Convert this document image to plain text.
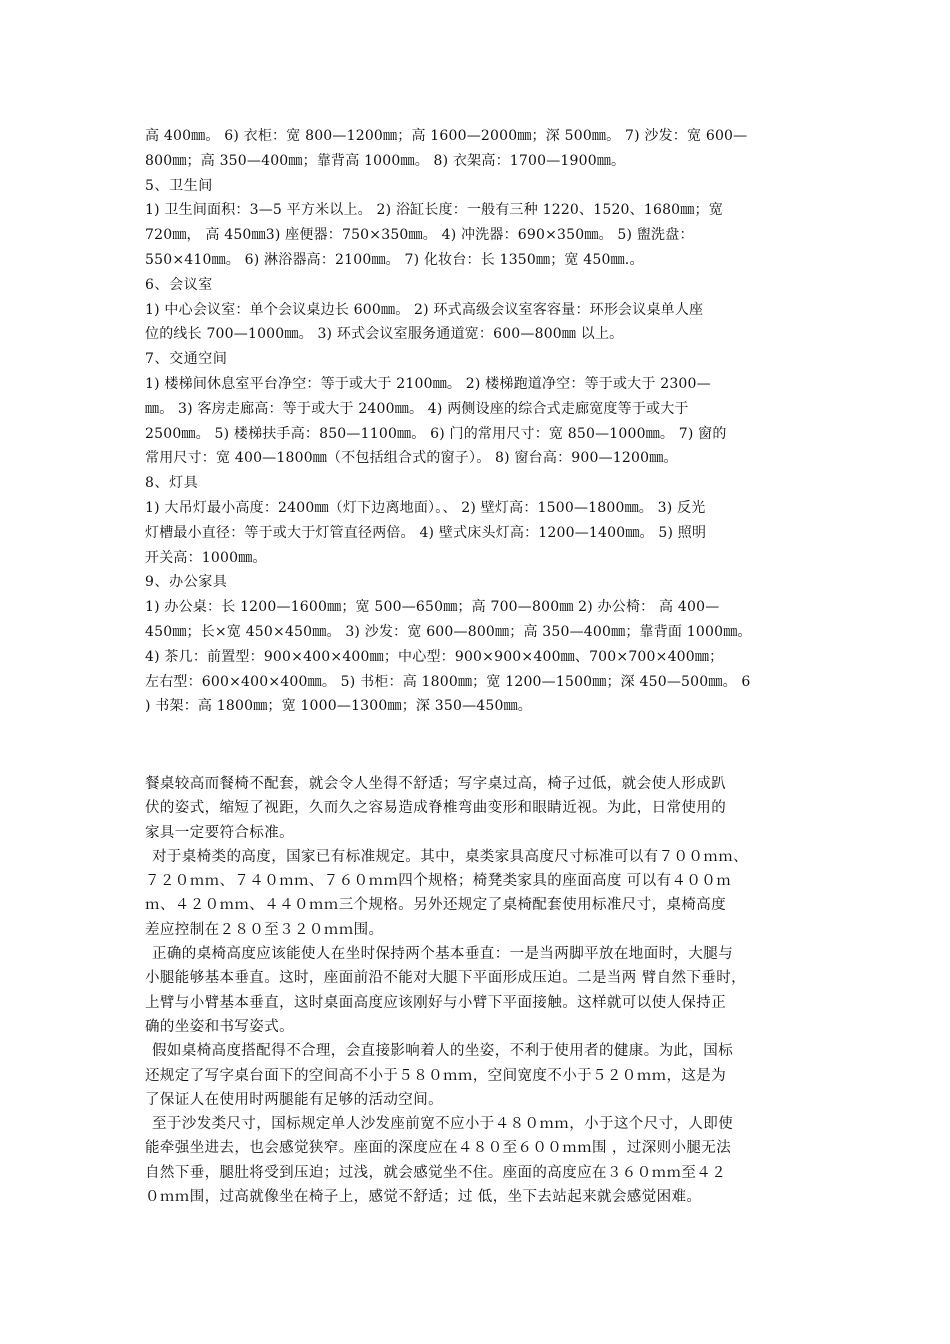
高 400㎜。 6) 衣柜：宽 800—1200㎜；高 1600—2000㎜；深 500㎜。 7) 沙发：宽 600—
800㎜；高 350—400㎜；靠背高 1000㎜。 8) 衣架高：1700—1900㎜。
5、卫生间
1) 卫生间面积：3—5 平方米以上。 2) 浴缸长度：一般有三种 1220、1520、1680㎜；宽
720㎜， 高 450㎜3) 座便器：750×350㎜。 4) 冲洗器：690×350㎜。 5) 盥洗盘：
550×410㎜。 6) 淋浴器高：2100㎜。 7) 化妆台：长 1350㎜；宽 450㎜.。
6、会议室
1) 中心会议室：单个会议桌边长 600㎜。 2) 环式高级会议室客容量：环形会议桌单人座
位的线长 700—1000㎜。 3) 环式会议室服务通道宽：600—800㎜ 以上。
7、交通空间
1) 楼梯间休息室平台净空：等于或大于 2100㎜。 2) 楼梯跑道净空：等于或大于 2300—
㎜。 3) 客房走廊高：等于或大于 2400㎜。 4) 两侧设座的综合式走廊宽度等于或大于
2500㎜。 5) 楼梯扶手高：850—1100㎜。 6) 门的常用尺寸：宽 850—1000㎜。 7) 窗的
常用尺寸：宽 400—1800㎜（不包括组合式的窗子）。 8) 窗台高：900—1200㎜。
8、灯具
1) 大吊灯最小高度：2400㎜（灯下边离地面）。、 2) 壁灯高：1500—1800㎜。 3) 反光
灯槽最小直径：等于或大于灯管直径两倍。 4) 壁式床头灯高：1200—1400㎜。 5) 照明
开关高：1000㎜。
9、办公家具
1) 办公桌：长 1200—1600㎜；宽 500—650㎜；高 700—800㎜ 2) 办公椅： 高 400—
450㎜；长×宽 450×450㎜。 3) 沙发：宽 600—800㎜；高 350—400㎜；靠背面 1000㎜。
4) 茶几：前置型：900×400×400㎜；中心型：900×900×400㎜、700×700×400㎜；
左右型：600×400×400㎜。 5) 书柜：高 1800㎜；宽 1200—1500㎜；深 450—500㎜。 6
) 书架：高 1800㎜；宽 1000—1300㎜；深 350—450㎜。
餐桌较高而餐椅不配套，就会令人坐得不舒适；写字桌过高，椅子过低，就会使人形成趴
伏的姿式，缩短了视距，久而久之容易造成脊椎弯曲变形和眼睛近视。为此，日常使用的
家具一定要符合标准。
对于桌椅类的高度，国家已有标准规定。其中，桌类家具高度尺寸标准可以有７００ｍｍ、
７２０ｍｍ、７４０ｍｍ、７６０ｍｍ四个规格；椅凳类家具的座面高度 可以有４００ｍ
ｍ、４２０ｍｍ、４４０ｍｍ三个规格。另外还规定了桌椅配套使用标准尺寸，桌椅高度
差应控制在２８０至３２０ｍｍ围。
正确的桌椅高度应该能使人在坐时保持两个基本垂直：一是当两脚平放在地面时，大腿与
小腿能够基本垂直。这时，座面前沿不能对大腿下平面形成压迫。二是当两 臂自然下垂时，
上臂与小臂基本垂直，这时桌面高度应该刚好与小臂下平面接触。这样就可以使人保持正
确的坐姿和书写姿式。
假如桌椅高度搭配得不合理，会直接影响着人的坐姿，不利于使用者的健康。为此，国标
还规定了写字桌台面下的空间高不小于５８０ｍｍ，空间宽度不小于５２０ｍｍ，这是为
了保证人在使用时两腿能有足够的活动空间。
至于沙发类尺寸，国标规定单人沙发座前宽不应小于４８０ｍｍ，小于这个尺寸，人即使
能牵强坐进去，也会感觉狭窄。座面的深度应在４８０至６００ｍｍ围 ，过深则小腿无法
自然下垂，腿肚将受到压迫；过浅，就会感觉坐不住。座面的高度应在３６０ｍｍ至４２
０ｍｍ围，过高就像坐在椅子上，感觉不舒适；过 低，坐下去站起来就会感觉困难。
